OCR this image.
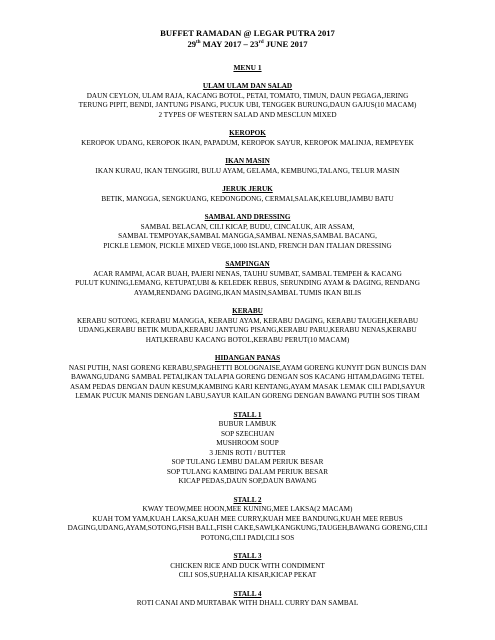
BUFFET RAMADAN @ LEGAR PUTRA 2017
29th MAY 2017 – 23rd JUNE 2017
MENU 1
ULAM ULAM DAN SALAD
DAUN CEYLON, ULAM RAJA, KACANG BOTOL, PETAI, TOMATO, TIMUN, DAUN PEGAGA,JERING
TERUNG PIPIT, BENDI, JANTUNG PISANG, PUCUK UBI, TENGGEK BURUNG,DAUN GAJUS(10 MACAM)
2 TYPES OF WESTERN SALAD AND MESCLUN MIXED
KEROPOK
KEROPOK UDANG, KEROPOK IKAN, PAPADUM, KEROPOK SAYUR, KEROPOK MALINJA, REMPEYEK
IKAN MASIN
IKAN KURAU, IKAN TENGGIRI, BULU AYAM, GELAMA, KEMBUNG,TALANG, TELUR MASIN
JERUK JERUK
BETIK, MANGGA, SENGKUANG, KEDONGDONG, CERMAI,SALAK,KELUBI,JAMBU BATU
SAMBAL AND DRESSING
SAMBAL BELACAN, CILI KICAP, BUDU, CINCALUK, AIR ASSAM,
SAMBAL TEMPOYAK,SAMBAL MANGGA,SAMBAL NENAS,SAMBAL BACANG,
PICKLE LEMON, PICKLE MIXED VEGE,1000 ISLAND, FRENCH DAN ITALIAN DRESSING
SAMPINGAN
ACAR RAMPAI, ACAR BUAH, PAJERI NENAS, TAUHU SUMBAT, SAMBAL TEMPEH & KACANG
PULUT KUNING,LEMANG, KETUPAT,UBI & KELEDEK REBUS, SERUNDING AYAM & DAGING, RENDANG
AYAM,RENDANG DAGING,IKAN MASIN,SAMBAL TUMIS IKAN BILIS
KERABU
KERABU SOTONG, KERABU MANGGA, KERABU AYAM, KERABU DAGING, KERABU TAUGEH,KERABU
UDANG,KERABU BETIK MUDA,KERABU JANTUNG PISANG,KERABU PARU,KERABU NENAS,KERABU
HATI,KERABU KACANG BOTOL,KERABU PERUT(10 MACAM)
HIDANGAN PANAS
NASI PUTIH, NASI GORENG KERABU,SPAGHETTI BOLOGNAISE,AYAM GORENG KUNYIT DGN BUNCIS DAN
BAWANG,UDANG SAMBAL PETAI,IKAN TALAPIA GORENG DENGAN SOS KACANG HITAM,DAGING TETEL
ASAM PEDAS DENGAN DAUN KESUM,KAMBING KARI KENTANG,AYAM MASAK LEMAK CILI PADI,SAYUR
LEMAK PUCUK MANIS DENGAN LABU,SAYUR KAILAN GORENG DENGAN BAWANG PUTIH SOS TIRAM
STALL 1
BUBUR LAMBUK
SOP SZECHUAN
MUSHROOM SOUP
3 JENIS ROTI / BUTTER
SOP TULANG LEMBU DALAM PERIUK BESAR
SOP TULANG KAMBING DALAM PERIUK BESAR
KICAP PEDAS,DAUN SOP,DAUN BAWANG
STALL 2
KWAY TEOW,MEE HOON,MEE KUNING,MEE LAKSA(2 MACAM)
KUAH TOM YAM,KUAH LAKSA,KUAH MEE CURRY,KUAH MEE BANDUNG,KUAH MEE REBUS
DAGING,UDANG,AYAM,SOTONG,FISH BALL,FISH CAKE,SAWI,KANGKUNG,TAUGEH,BAWANG GORENG,CILI
POTONG,CILI PADI,CILI SOS
STALL 3
CHICKEN RICE AND DUCK WITH CONDIMENT
CILI SOS,SUP,HALIA KISAR,KICAP PEKAT
STALL 4
ROTI CANAI AND MURTABAK WITH DHALL CURRY DAN SAMBAL
